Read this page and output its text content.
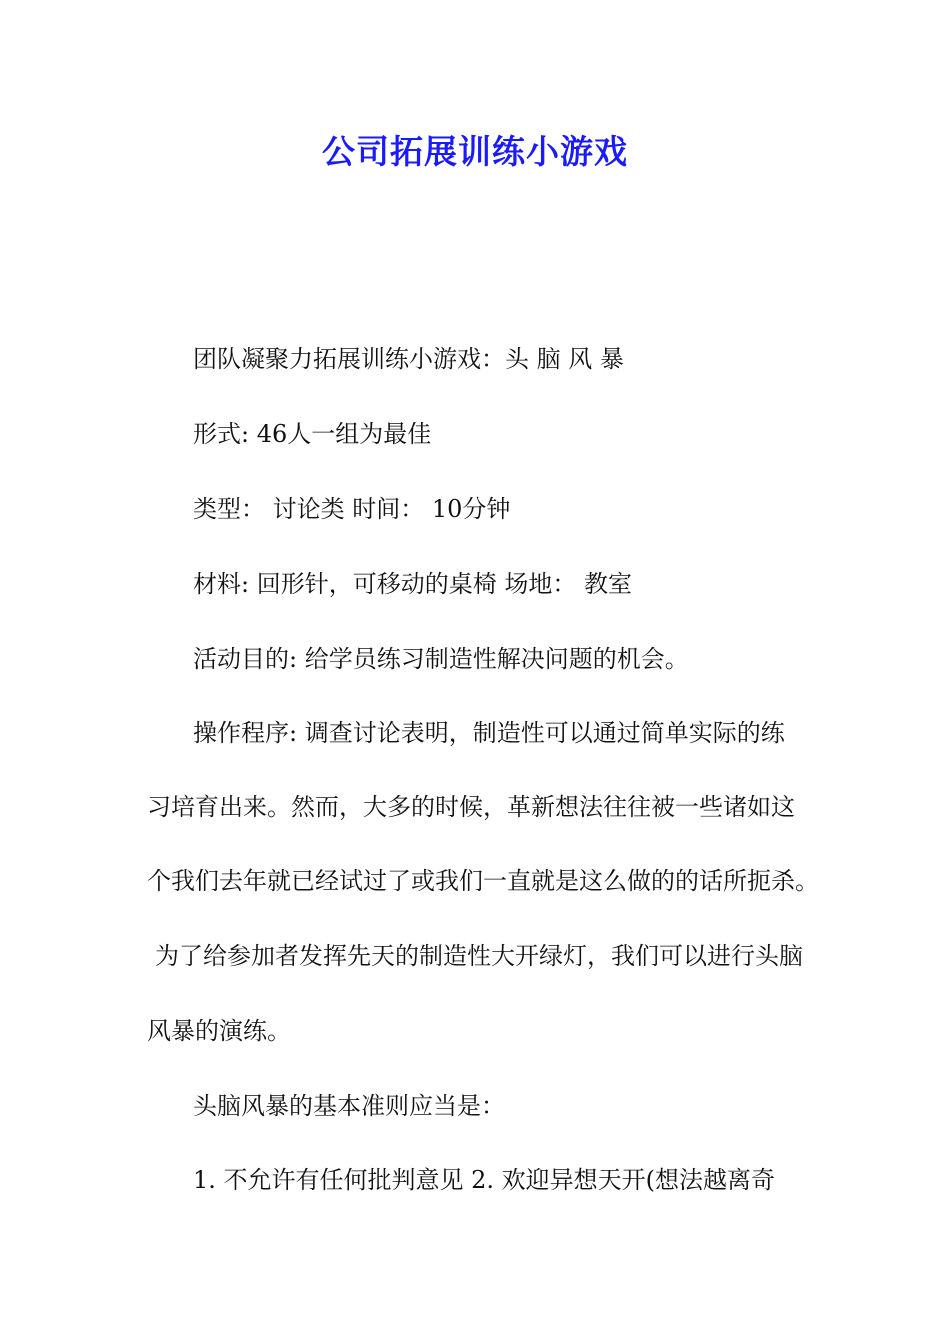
公司拓展训练小游戏

团队凝聚力拓展训练小游戏：头 脑 风 暴

形式: 46人一组为最佳

类型： 讨论类 时间： 10分钟

材料: 回形针，可移动的桌椅 场地： 教室

活动目的: 给学员练习制造性解决问题的机会。

操作程序: 调查讨论表明，制造性可以通过简单实际的练

习培育出来。然而，大多的时候，革新想法往往被一些诸如这

个我们去年就已经试过了或我们一直就是这么做的的话所扼杀。

为了给参加者发挥先天的制造性大开绿灯，我们可以进行头脑

风暴的演练。

头脑风暴的基本准则应当是：

1. 不允许有任何批判意见 2. 欢迎异想天开(想法越离奇
